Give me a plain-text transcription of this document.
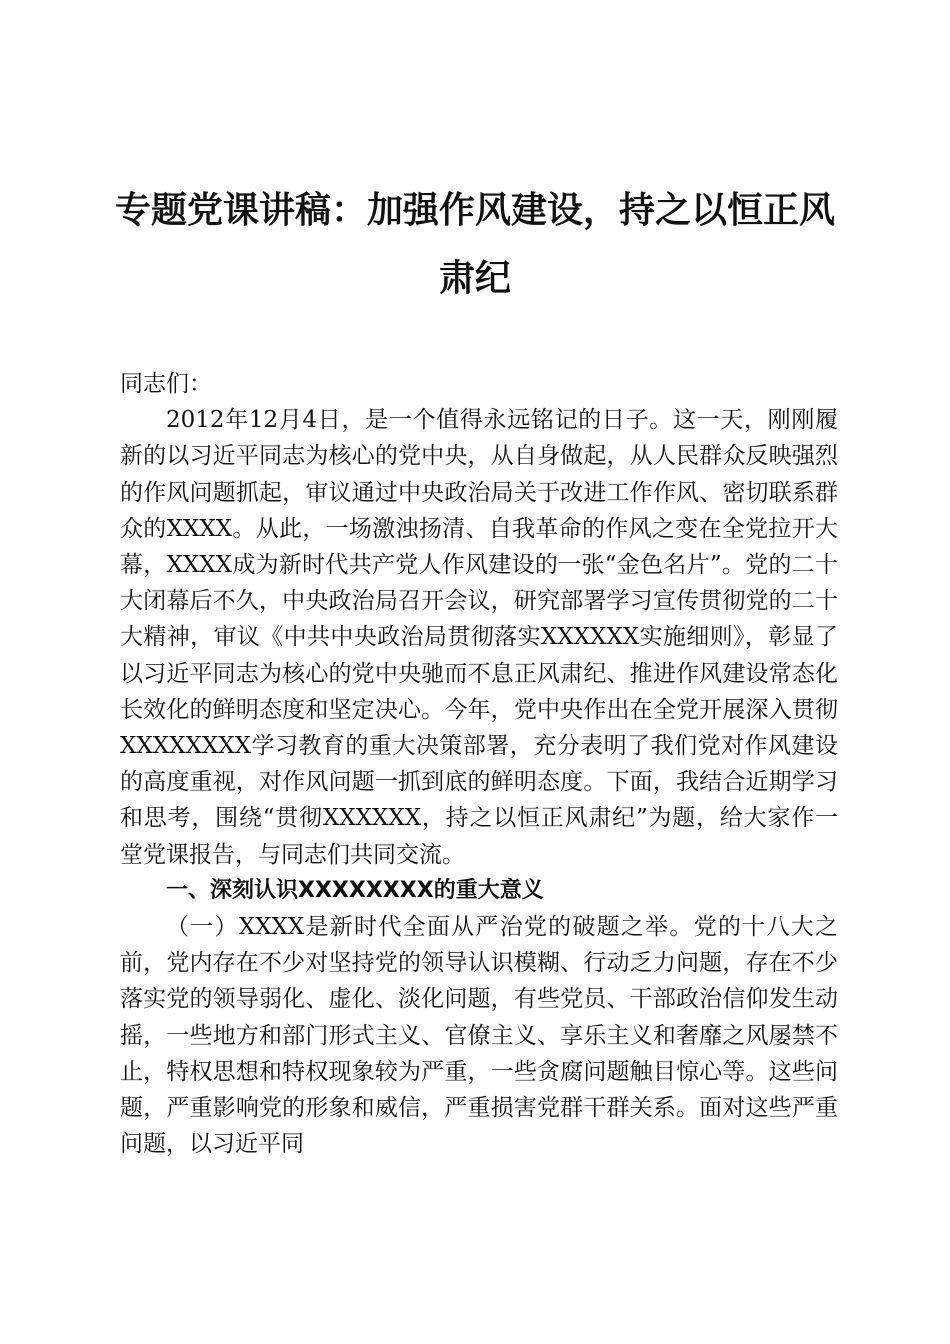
专题党课讲稿：加强作风建设，持之以恒正风肃纪

同志们：

2012年12月4日，是一个值得永远铭记的日子。这一天，刚刚履新的以习近平同志为核心的党中央，从自身做起，从人民群众反映强烈的作风问题抓起，审议通过中央政治局关于改进工作作风、密切联系群众的XXXX。从此，一场激浊扬清、自我革命的作风之变在全党拉开大幕，XXXX成为新时代共产党人作风建设的一张“金色名片”。党的二十大闭幕后不久，中央政治局召开会议，研究部署学习宣传贯彻党的二十大精神，审议《中共中央政治局贯彻落实XXXXXX实施细则》，彰显了以习近平同志为核心的党中央驰而不息正风肃纪、推进作风建设常态化长效化的鲜明态度和坚定决心。今年，党中央作出在全党开展深入贯彻XXXXXXXX学习教育的重大决策部署，充分表明了我们党对作风建设的高度重视，对作风问题一抓到底的鲜明态度。下面，我结合近期学习和思考，围绕“贯彻XXXXXX，持之以恒正风肃纪”为题，给大家作一堂党课报告，与同志们共同交流。

一、深刻认识XXXXXXXX的重大意义

（一）XXXX是新时代全面从严治党的破题之举。党的十八大之前，党内存在不少对坚持党的领导认识模糊、行动乏力问题，存在不少落实党的领导弱化、虚化、淡化问题，有些党员、干部政治信仰发生动摇，一些地方和部门形式主义、官僚主义、享乐主义和奢靡之风屡禁不止，特权思想和特权现象较为严重，一些贪腐问题触目惊心等。这些问题，严重影响党的形象和威信，严重损害党群干群关系。面对这些严重问题，以习近平同
